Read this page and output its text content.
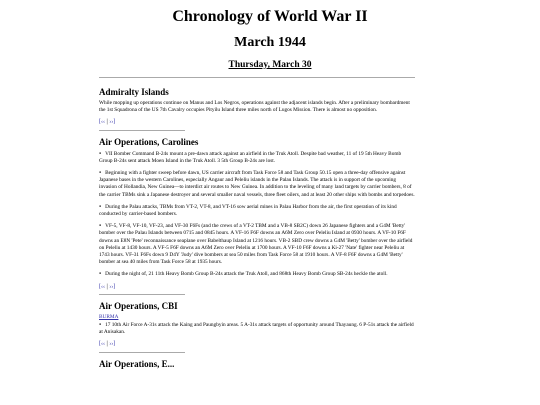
Chronology of World War II
March 1944
Thursday, March 30
Admiralty Islands

While mopping up operations continue on Manus and Los Negros, operations against the adjacent islands begin. After a preliminary bombardment the 1st Squadrona of the US 7th Cavalry occupies Pityilu Island three miles north of Lugos Mission. There is almost no opposition.

[‹‹ | ››]
Air Operations, Carolines
● VII Bomber Command B-24s mount a pre-dawn attack against an airfield in the Truk Atoll. Despite bad weather, 11 of 19 5th Heavy Bomb Group B-24s sent attack Moen Island in the Truk Atoll. 3 5th Group B-24s are lost.
● Beginning with a fighter sweep before dawn, US carrier aircraft from Task Force 58 and Task Group 50.15 open a three-day offensive against Japanese bases in the western Carolines, especially Angaur and Peleliu islands in the Palau Islands. The attack is in support of the upcoming invasion of Hollandia, New Guinea—to interdict air routes to New Guinea. In addition to the leveling of many land targets by carrier bombers, 8 of the carrier TBMs sink a Japanese destroyer and several smaller naval vessels, three fleet oilers, and at least 20 other ships with bombs and torpedoes.
● During the Palau attacks, TBMs from VT-2, VT-8, and VT-16 sow aerial mines in Palau Harbor from the air, the first operation of its kind conducted by carrier-based bombers.
● VF-5, VF-8, VF-10, VF-23, and VF-30 F6Fs (and the crews of a VT-2 TBM and a VB-8 SB2C) down 26 Japanese fighters and a G4M 'Betty' bomber over the Palau Islands between 0715 and 0845 hours. A VF-16 F6F downs an A6M Zero over Peleliu Island at 0930 hours. A VF-10 F6F downs an E8N 'Pete' reconnaissance seaplane over Babelthaup Island at 1216 hours. VB-2 SBD crew downs a G4M 'Betty' bomber over the airfield on Peleliu at 1430 hours. A VF-5 F6F downs an A6M Zero over Peleliu at 1700 hours. A VF-10 F6F downs a Ki-27 'Nate' fighter near Peleliu at 1743 hours. VF-31 F6Fs down 9 D4Y 'Judy' dive bombers at sea 50 miles from Task Force 58 at 1910 hours. A VF-8 F6F downs a G4M 'Betty' bomber at sea 40 miles from Task Force 58 at 1935 hours.
● During the night of, 21 11th Heavy Bomb Group B-24s attack the Truk Atoll, and 868th Heavy Bomb Group SB-24s heckle the atoll.
[‹‹ | ››]
Air Operations, CBI
BURMA
● 17 10th Air Force A-31s attack the Kaing and Paungbyin areas. 5 A-31s attack targets of opportunity around Thayaung. 6 P-51s attack the airfield at Anisakan.
[‹‹ | ››]
Air Operations, E...
